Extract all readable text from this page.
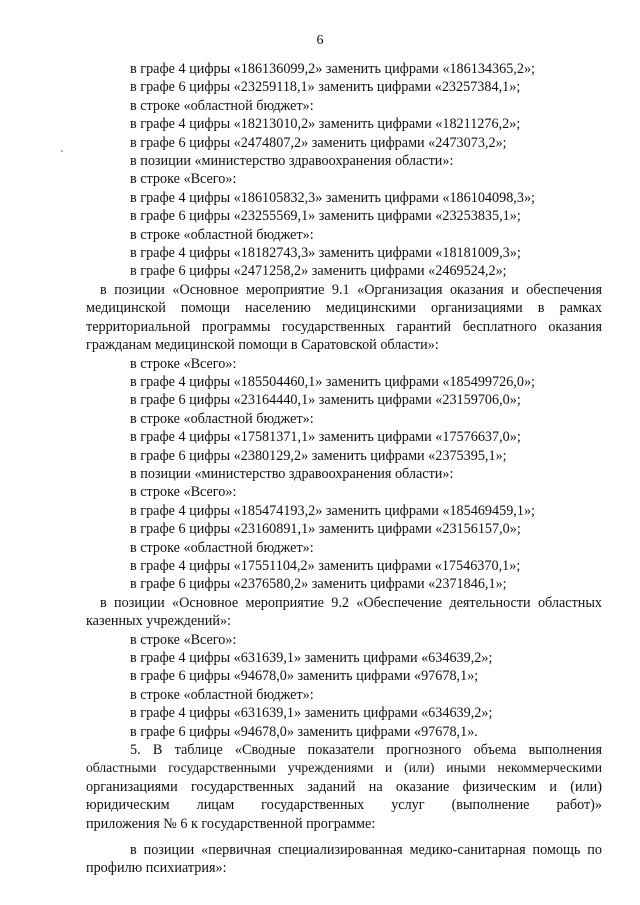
6

в графе 4 цифры «186136099,2» заменить цифрами «186134365,2»;

в графе 6 цифры «23259118,1» заменить цифрами «23257384,1»;

в строке «областной бюджет»:

в графе 4 цифры «18213010,2» заменить цифрами «18211276,2»;

в графе 6 цифры «2474807,2» заменить цифрами «2473073,2»;

в позиции «министерство здравоохранения области»:

в строке «Всего»:

в графе 4 цифры «186105832,3» заменить цифрами «186104098,3»;

в графе 6 цифры «23255569,1» заменить цифрами «23253835,1»;

в строке «областной бюджет»:

в графе 4 цифры «18182743,3» заменить цифрами «18181009,3»;

в графе 6 цифры «2471258,2» заменить цифрами «2469524,2»;

в позиции «Основное мероприятие 9.1 «Организация оказания и обеспечения медицинской помощи населению медицинскими организациями в рамках территориальной программы государственных гарантий бесплатного оказания гражданам медицинской помощи в Саратовской области»:

в строке «Всего»:

в графе 4 цифры «185504460,1» заменить цифрами «185499726,0»;

в графе 6 цифры «23164440,1» заменить цифрами «23159706,0»;

в строке «областной бюджет»:

в графе 4 цифры «17581371,1» заменить цифрами «17576637,0»;

в графе 6 цифры «2380129,2» заменить цифрами «2375395,1»;

в позиции «министерство здравоохранения области»:

в строке «Всего»:

в графе 4 цифры «185474193,2» заменить цифрами «185469459,1»;

в графе 6 цифры «23160891,1» заменить цифрами «23156157,0»;

в строке «областной бюджет»:

в графе 4 цифры «17551104,2» заменить цифрами «17546370,1»;

в графе 6 цифры «2376580,2» заменить цифрами «2371846,1»;

в позиции «Основное мероприятие 9.2 «Обеспечение деятельности областных казенных учреждений»:

в строке «Всего»:

в графе 4 цифры «631639,1» заменить цифрами «634639,2»;

в графе 6 цифры «94678,0» заменить цифрами «97678,1»;

в строке «областной бюджет»:

в графе 4 цифры «631639,1» заменить цифрами «634639,2»;

в графе 6 цифры «94678,0» заменить цифрами «97678,1».

5. В таблице «Сводные показатели прогнозного объема выполнения

областными государственными учреждениями и (или) иными некоммерческими

организациями государственных заданий на оказание физическим и (или)

юридическим лицам государственных услуг (выполнение работ)»

приложения № 6 к государственной программе:

в позиции «первичная специализированная медико-санитарная помощь по профилю психиатрия»:
